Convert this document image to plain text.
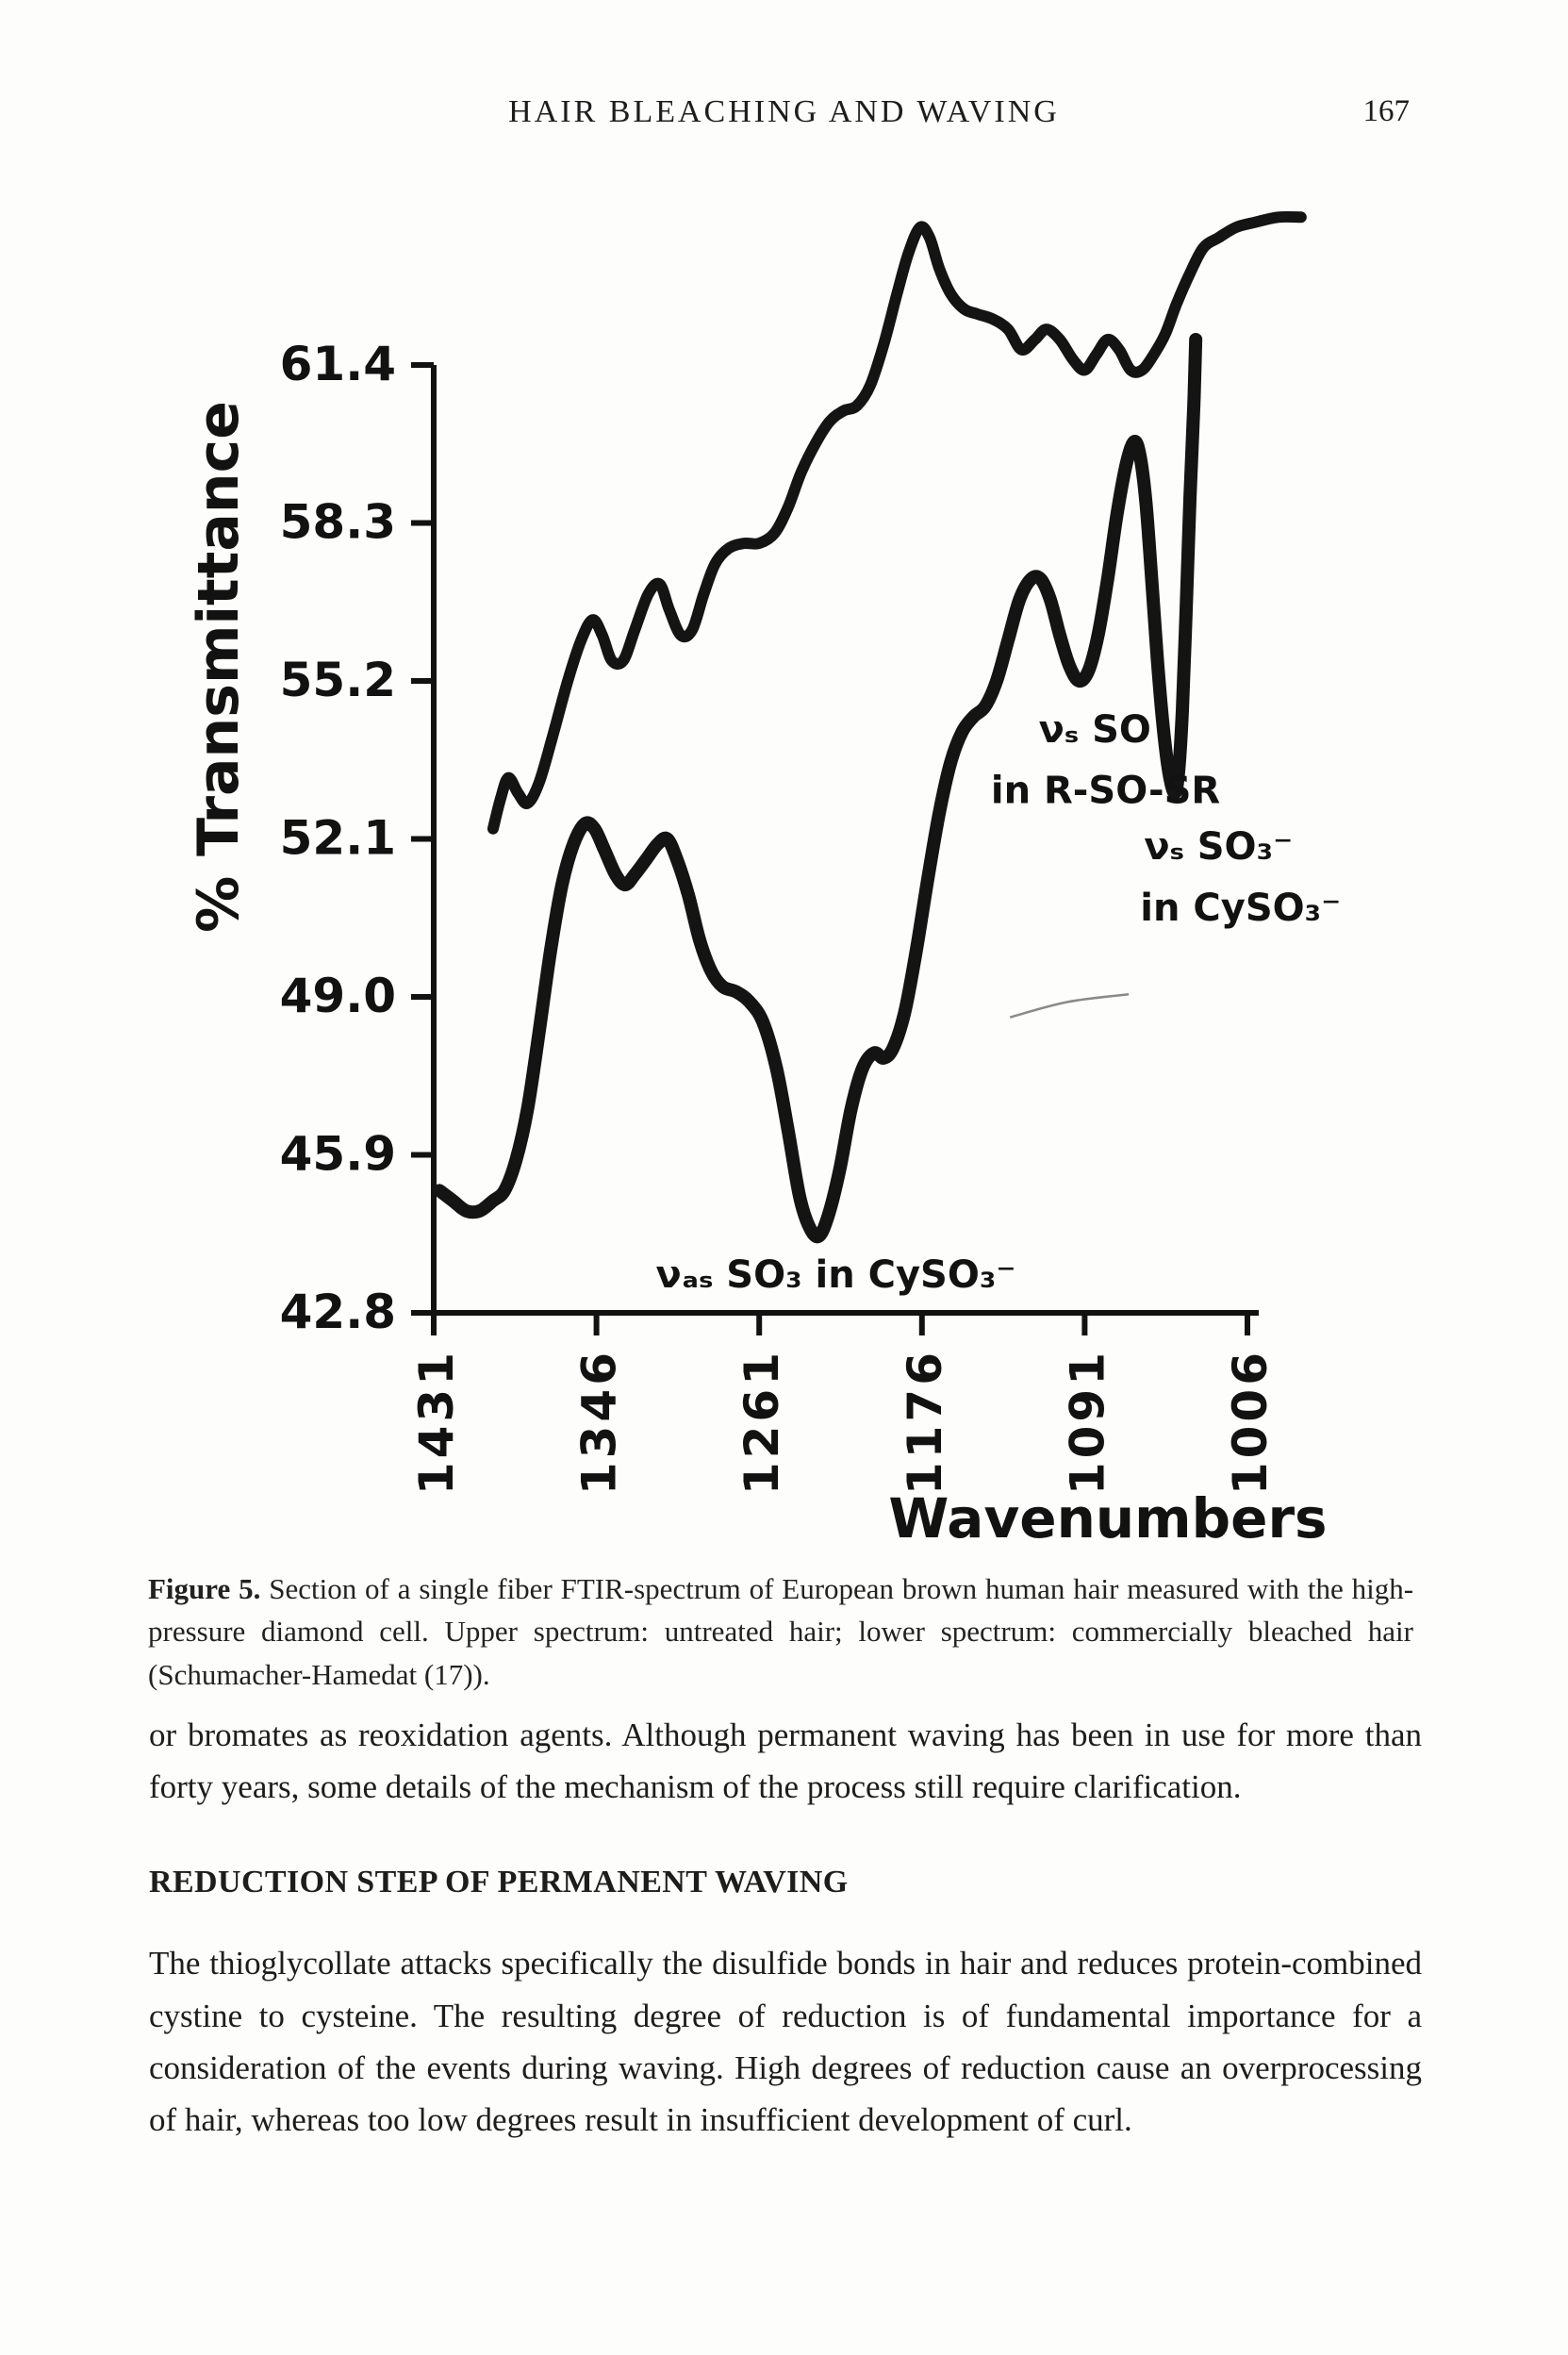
HAIR BLEACHING AND WAVING	167
42.8
45.9
49.0
52.1
55.2
58.3
61.4
1431 1346 1261 1176 1091 1006
νₛ SO
in R-SO-SR
νₛ SO₃⁻
in CySO₃⁻
νₐₛ SO₃ in CySO₃⁻
% Transmittance
Wavenumbers
Figure 5. Section of a single fiber FTIR-spectrum of European brown human hair measured with the high-pressure diamond cell. Upper spectrum: untreated hair; lower spectrum: commercially bleached hair (Schumacher-Hamedat (17)).

or bromates as reoxidation agents. Although permanent waving has been in use for more than forty years, some details of the mechanism of the process still require clarification.

REDUCTION STEP OF PERMANENT WAVING

The thioglycollate attacks specifically the disulfide bonds in hair and reduces protein-combined cystine to cysteine. The resulting degree of reduction is of fundamental importance for a consideration of the events during waving. High degrees of reduction cause an overprocessing of hair, whereas too low degrees result in insufficient development of curl.
